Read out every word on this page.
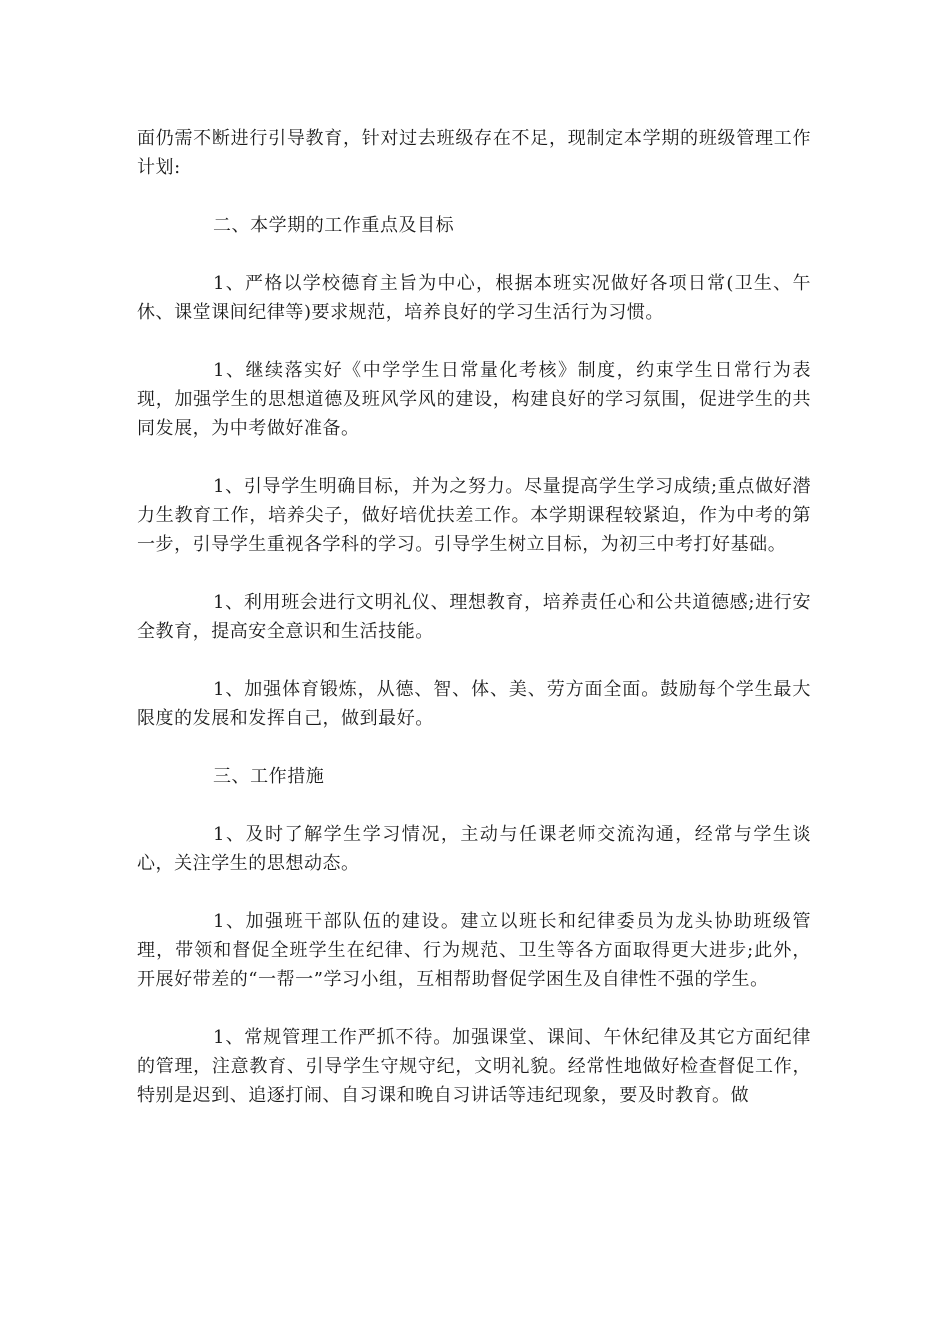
面仍需不断进行引导教育，针对过去班级存在不足，现制定本学期的班级管理工作计划:

二、本学期的工作重点及目标

1、严格以学校德育主旨为中心，根据本班实况做好各项日常(卫生、午休、课堂课间纪律等)要求规范，培养良好的学习生活行为习惯。

1、继续落实好《中学学生日常量化考核》制度，约束学生日常行为表现，加强学生的思想道德及班风学风的建设，构建良好的学习氛围，促进学生的共同发展，为中考做好准备。

1、引导学生明确目标，并为之努力。尽量提高学生学习成绩;重点做好潜力生教育工作，培养尖子，做好培优扶差工作。本学期课程较紧迫，作为中考的第一步，引导学生重视各学科的学习。引导学生树立目标，为初三中考打好基础。

1、利用班会进行文明礼仪、理想教育，培养责任心和公共道德感;进行安全教育，提高安全意识和生活技能。

1、加强体育锻炼，从德、智、体、美、劳方面全面。鼓励每个学生最大限度的发展和发挥自己，做到最好。

三、工作措施

1、及时了解学生学习情况，主动与任课老师交流沟通，经常与学生谈心，关注学生的思想动态。

1、加强班干部队伍的建设。建立以班长和纪律委员为龙头协助班级管理，带领和督促全班学生在纪律、行为规范、卫生等各方面取得更大进步;此外，开展好带差的“一帮一”学习小组，互相帮助督促学困生及自律性不强的学生。

1、常规管理工作严抓不待。加强课堂、课间、午休纪律及其它方面纪律的管理，注意教育、引导学生守规守纪，文明礼貌。经常性地做好检查督促工作，特别是迟到、追逐打闹、自习课和晚自习讲话等违纪现象，要及时教育。做
